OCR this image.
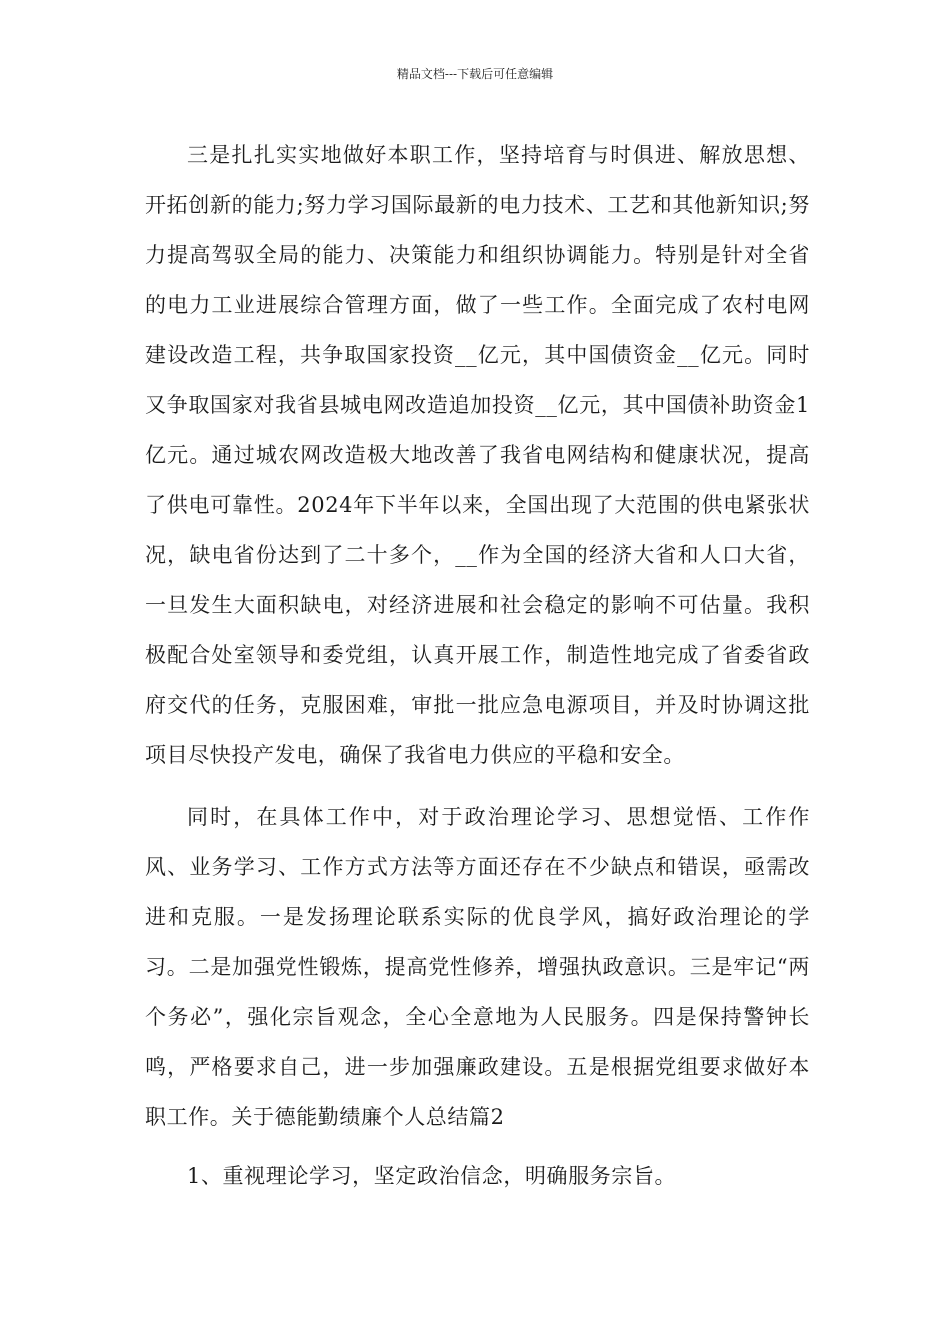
精品文档---下载后可任意编辑

三是扎扎实实地做好本职工作，坚持培育与时俱进、解放思想、开拓创新的能力;努力学习国际最新的电力技术、工艺和其他新知识;努力提高驾驭全局的能力、决策能力和组织协调能力。特别是针对全省的电力工业进展综合管理方面，做了一些工作。全面完成了农村电网建设改造工程，共争取国家投资__亿元，其中国债资金__亿元。同时又争取国家对我省县城电网改造追加投资__亿元，其中国债补助资金1亿元。通过城农网改造极大地改善了我省电网结构和健康状况，提高了供电可靠性。2024年下半年以来，全国出现了大范围的供电紧张状况，缺电省份达到了二十多个，__作为全国的经济大省和人口大省，一旦发生大面积缺电，对经济进展和社会稳定的影响不可估量。我积极配合处室领导和委党组，认真开展工作，制造性地完成了省委省政府交代的任务，克服困难，审批一批应急电源项目，并及时协调这批项目尽快投产发电，确保了我省电力供应的平稳和安全。

同时，在具体工作中，对于政治理论学习、思想觉悟、工作作风、业务学习、工作方式方法等方面还存在不少缺点和错误，亟需改进和克服。一是发扬理论联系实际的优良学风，搞好政治理论的学习。二是加强党性锻炼，提高党性修养，增强执政意识。三是牢记“两个务必”，强化宗旨观念，全心全意地为人民服务。四是保持警钟长鸣，严格要求自己，进一步加强廉政建设。五是根据党组要求做好本职工作。关于德能勤绩廉个人总结篇2

1、重视理论学习，坚定政治信念，明确服务宗旨。
